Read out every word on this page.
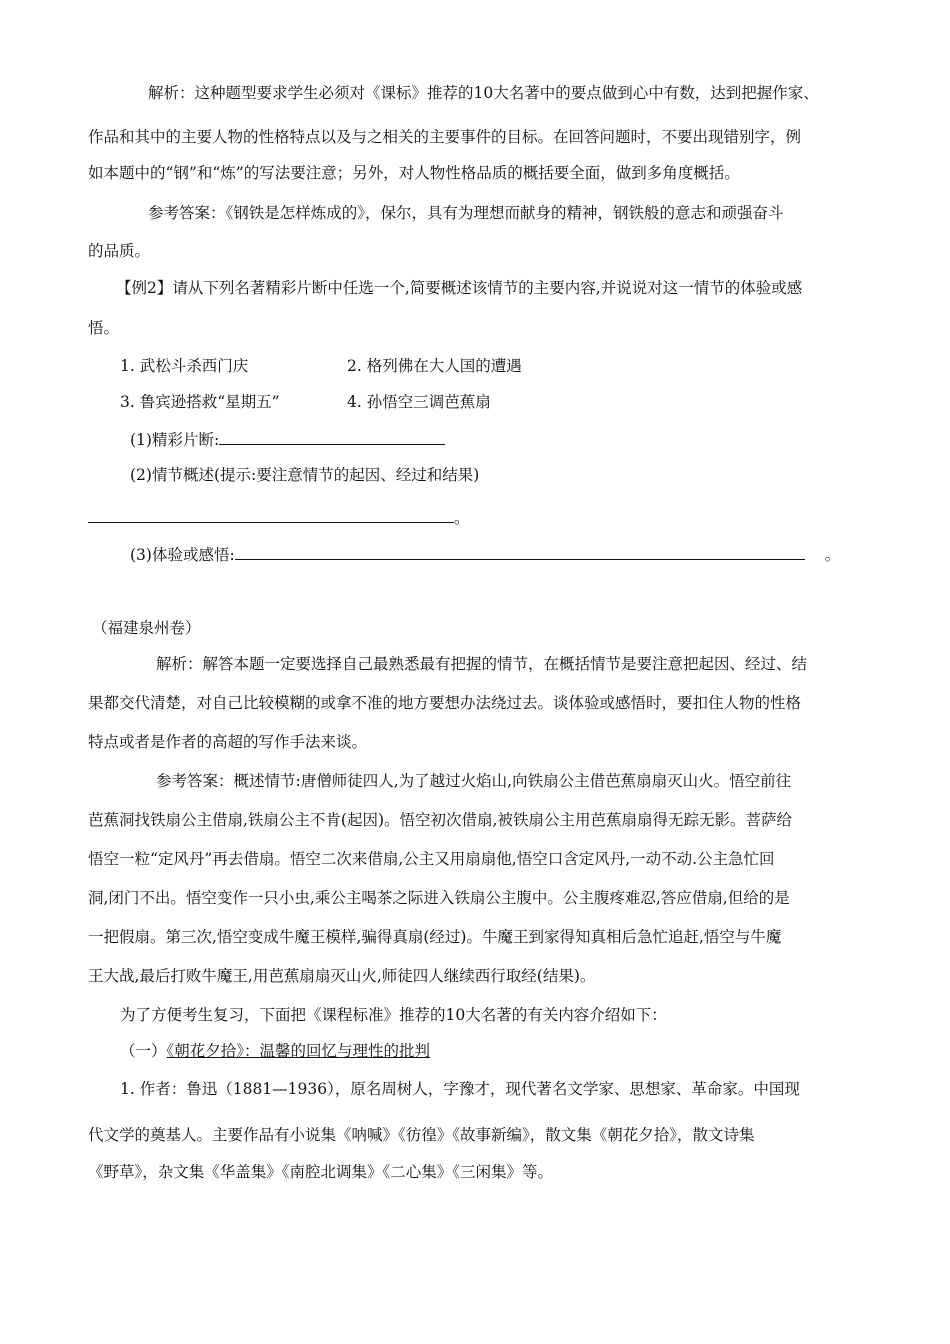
解析：这种题型要求学生必须对《课标》推荐的10大名著中的要点做到心中有数，达到把握作家、
作品和其中的主要人物的性格特点以及与之相关的主要事件的目标。在回答问题时，不要出现错别字，例
如本题中的“钢”和“炼”的写法要注意；另外，对人物性格品质的概括要全面，做到多角度概括。
参考答案：《钢铁是怎样炼成的》，保尔，具有为理想而献身的精神，钢铁般的意志和顽强奋斗
的品质。
【例2】请从下列名著精彩片断中任选一个,简要概述该情节的主要内容,并说说对这一情节的体验或感
悟。
1. 武松斗杀西门庆	2. 格列佛在大人国的遭遇
3. 鲁宾逊搭救“星期五”	4. 孙悟空三调芭蕉扇
(1)精彩片断:
(2)情节概述(提示:要注意情节的起因、经过和结果)
。
(3)体验或感悟:	。
（福建泉州卷）
解析：解答本题一定要选择自己最熟悉最有把握的情节，在概括情节是要注意把起因、经过、结
果都交代清楚，对自己比较模糊的或拿不准的地方要想办法绕过去。谈体验或感悟时，要扣住人物的性格
特点或者是作者的高超的写作手法来谈。
参考答案：概述情节:唐僧师徒四人,为了越过火焰山,向铁扇公主借芭蕉扇扇灭山火。悟空前往
芭蕉洞找铁扇公主借扇,铁扇公主不肯(起因)。悟空初次借扇,被铁扇公主用芭蕉扇扇得无踪无影。菩萨给
悟空一粒“定风丹”再去借扇。悟空二次来借扇,公主又用扇扇他,悟空口含定风丹,一动不动.公主急忙回
洞,闭门不出。悟空变作一只小虫,乘公主喝茶之际进入铁扇公主腹中。公主腹疼难忍,答应借扇,但给的是
一把假扇。第三次,悟空变成牛魔王模样,骗得真扇(经过)。牛魔王到家得知真相后急忙追赶,悟空与牛魔
王大战,最后打败牛魔王,用芭蕉扇扇灭山火,师徒四人继续西行取经(结果)。
为了方便考生复习，下面把《课程标准》推荐的10大名著的有关内容介绍如下：
（一）《朝花夕拾》：温馨的回忆与理性的批判
1. 作者：鲁迅（1881—1936），原名周树人，字豫才，现代著名文学家、思想家、革命家。中国现
代文学的奠基人。主要作品有小说集《呐喊》《彷徨》《故事新编》，散文集《朝花夕拾》，散文诗集
《野草》，杂文集《华盖集》《南腔北调集》《二心集》《三闲集》等。
